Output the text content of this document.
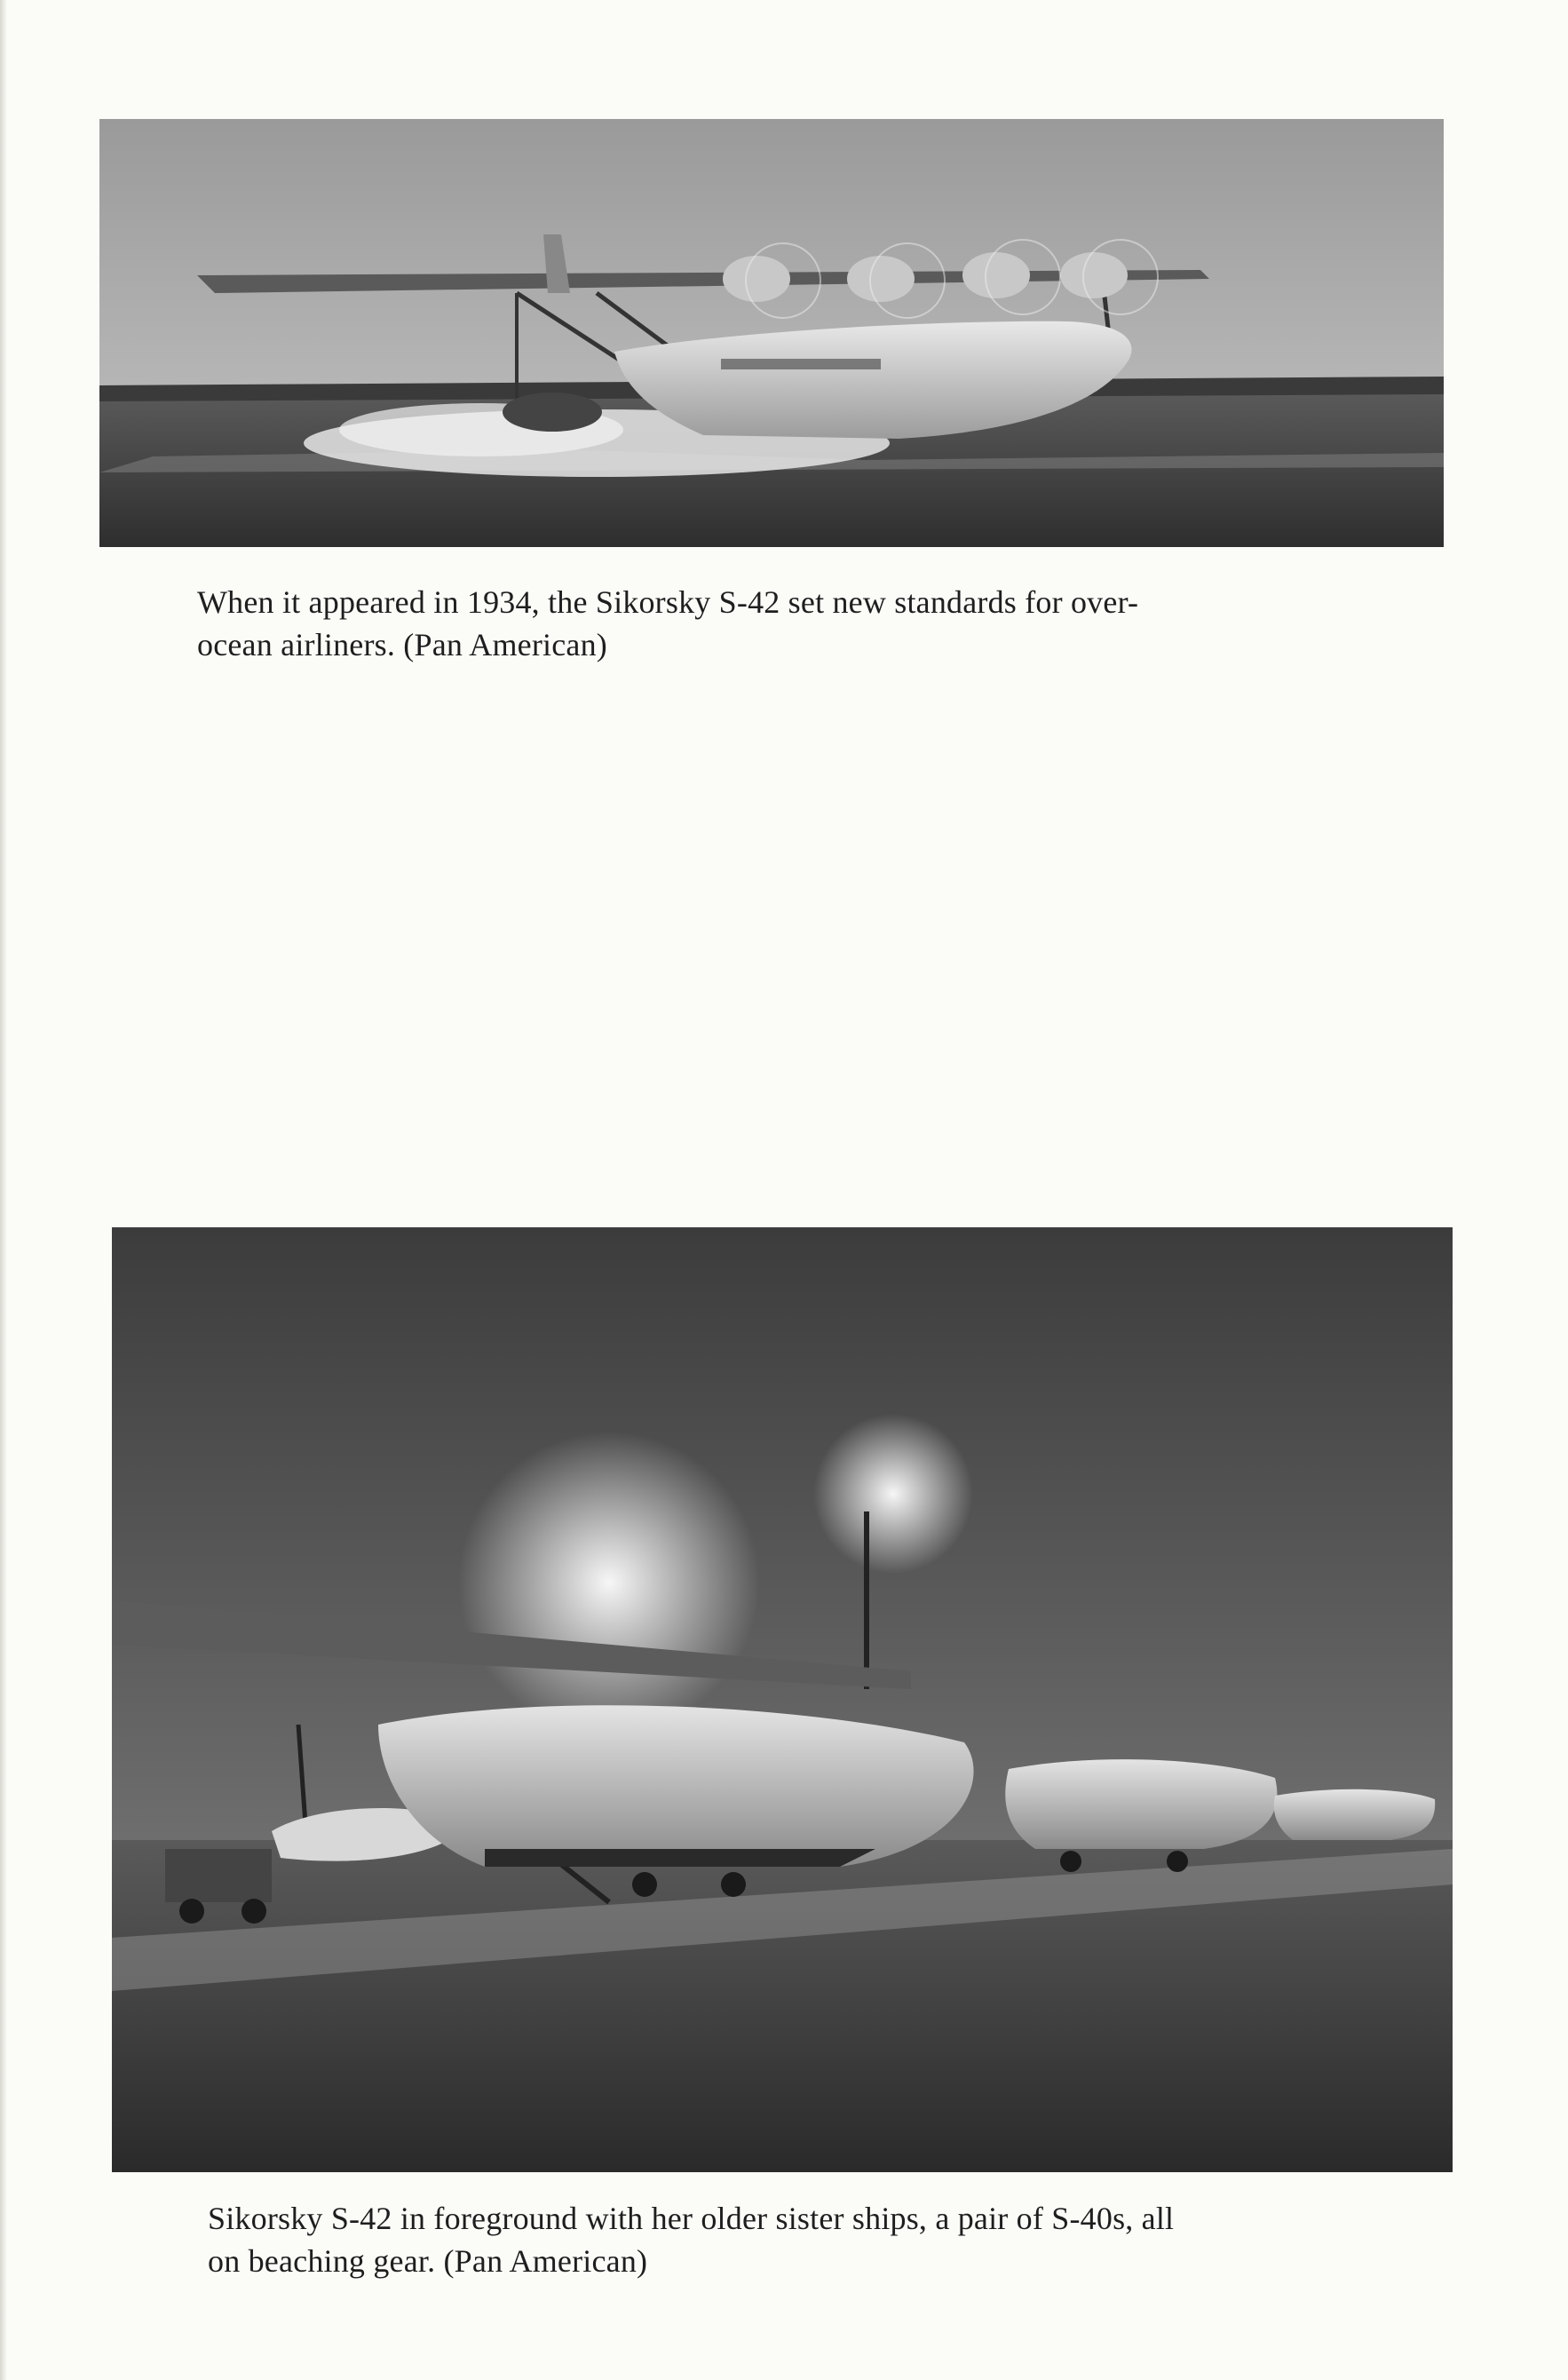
When it appeared in 1934, the Sikorsky S-42 set new standards for over-
ocean airliners. (Pan American)
Sikorsky S-42 in foreground with her older sister ships, a pair of S-40s, all
on beaching gear. (Pan American)
